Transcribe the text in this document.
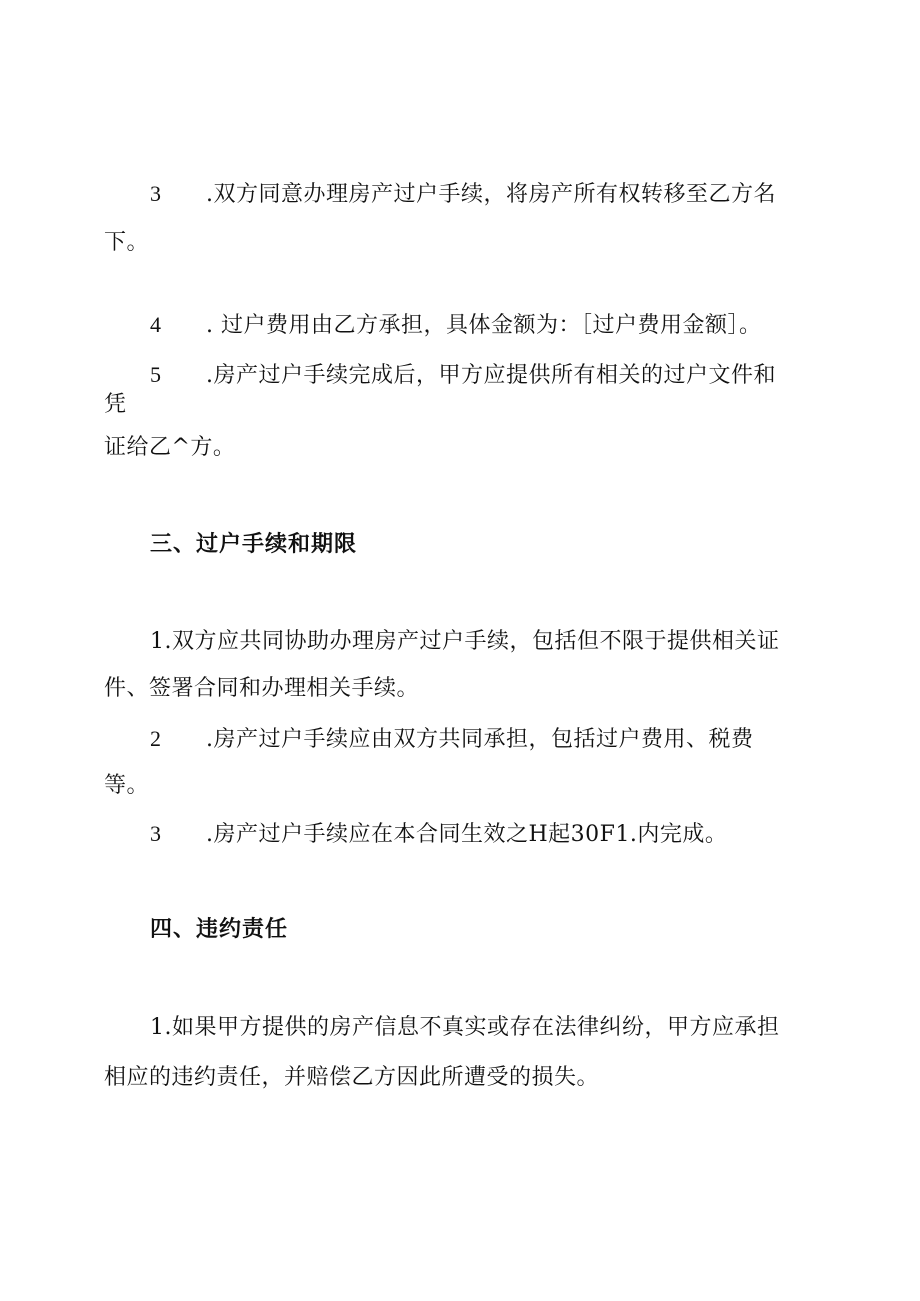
3 .双方同意办理房产过户手续，将房产所有权转移至乙方名
下。
4 . 过户费用由乙方承担，具体金额为：［过户费用金额］。
5 .房产过户手续完成后，甲方应提供所有相关的过户文件和
凭
证给乙^方。
三、过户手续和期限
1.双方应共同协助办理房产过户手续，包括但不限于提供相关证
件、签署合同和办理相关手续。
2 .房产过户手续应由双方共同承担，包括过户费用、税费
等。
3 .房产过户手续应在本合同生效之H起30F1.内完成。
四、违约责任
1.如果甲方提供的房产信息不真实或存在法律纠纷，甲方应承担
相应的违约责任，并赔偿乙方因此所遭受的损失。
